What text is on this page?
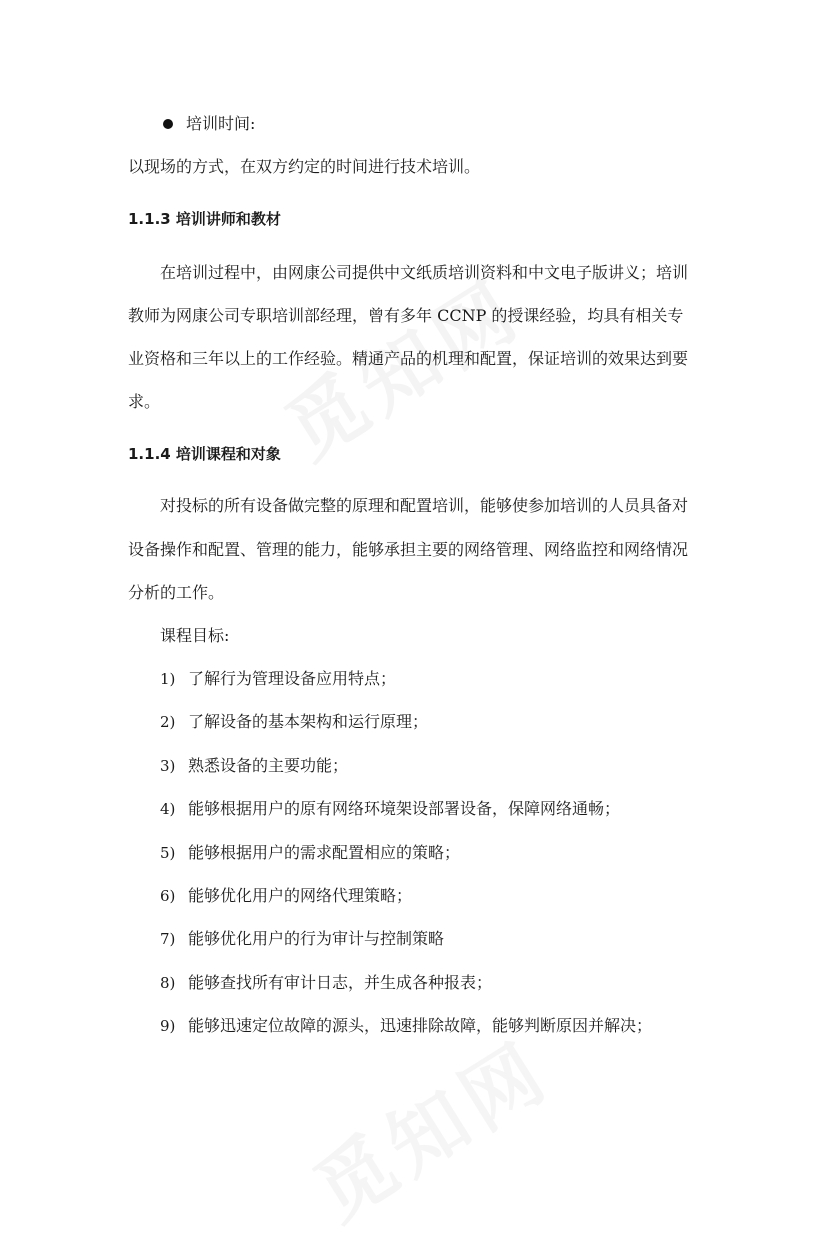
培训时间:
以现场的方式，在双方约定的时间进行技术培训。
1.1.3 培训讲师和教材
在培训过程中，由网康公司提供中文纸质培训资料和中文电子版讲义；培训
教师为网康公司专职培训部经理，曾有多年 CCNP 的授课经验，均具有相关专
业资格和三年以上的工作经验。精通产品的机理和配置，保证培训的效果达到要
求。
1.1.4 培训课程和对象
对投标的所有设备做完整的原理和配置培训，能够使参加培训的人员具备对
设备操作和配置、管理的能力，能够承担主要的网络管理、网络监控和网络情况
分析的工作。
课程目标:
1) 了解行为管理设备应用特点；
2) 了解设备的基本架构和运行原理；
3) 熟悉设备的主要功能；
4) 能够根据用户的原有网络环境架设部署设备，保障网络通畅；
5) 能够根据用户的需求配置相应的策略；
6) 能够优化用户的网络代理策略；
7) 能够优化用户的行为审计与控制策略
8) 能够查找所有审计日志，并生成各种报表；
9) 能够迅速定位故障的源头，迅速排除故障，能够判断原因并解决；
